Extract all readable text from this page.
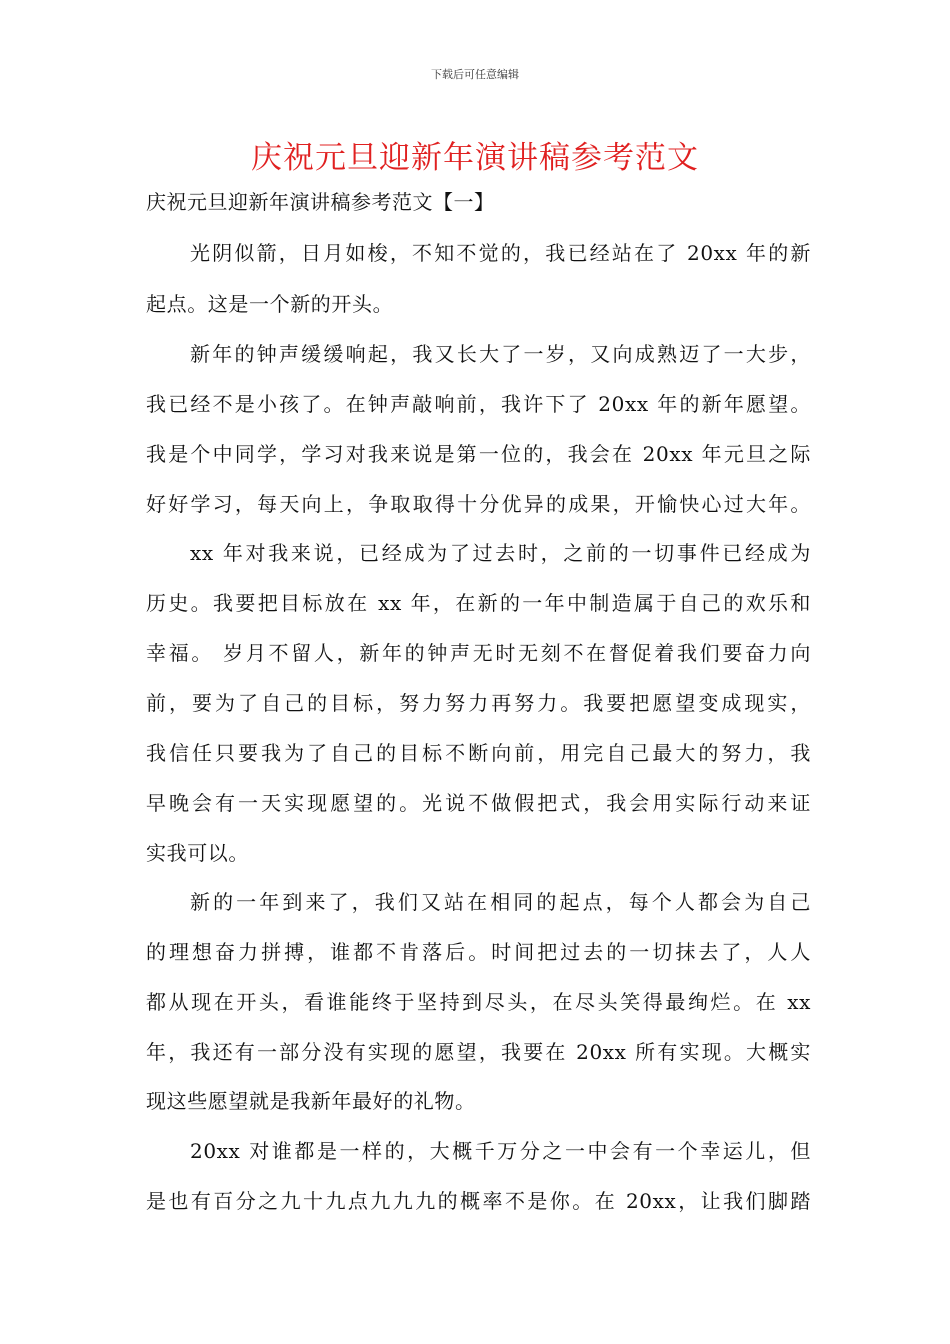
下载后可任意编辑
庆祝元旦迎新年演讲稿参考范文
庆祝元旦迎新年演讲稿参考范文【一】
光阴似箭，日月如梭，不知不觉的，我已经站在了 20xx 年的新
起点。这是一个新的开头。
新年的钟声缓缓响起，我又长大了一岁，又向成熟迈了一大步，
我已经不是小孩了。在钟声敲响前，我许下了 20xx 年的新年愿望。
我是个中同学，学习对我来说是第一位的，我会在 20xx 年元旦之际
好好学习，每天向上，争取取得十分优异的成果，开愉快心过大年。
xx 年对我来说，已经成为了过去时，之前的一切事件已经成为
历史。我要把目标放在 xx 年，在新的一年中制造属于自己的欢乐和
幸福。 岁月不留人，新年的钟声无时无刻不在督促着我们要奋力向
前，要为了自己的目标，努力努力再努力。我要把愿望变成现实，
我信任只要我为了自己的目标不断向前，用完自己最大的努力，我
早晚会有一天实现愿望的。光说不做假把式，我会用实际行动来证
实我可以。
新的一年到来了，我们又站在相同的起点，每个人都会为自己
的理想奋力拼搏，谁都不肯落后。时间把过去的一切抹去了，人人
都从现在开头，看谁能终于坚持到尽头，在尽头笑得最绚烂。在 xx
年，我还有一部分没有实现的愿望，我要在 20xx 所有实现。大概实
现这些愿望就是我新年最好的礼物。
20xx 对谁都是一样的，大概千万分之一中会有一个幸运儿，但
是也有百分之九十九点九九九的概率不是你。在 20xx，让我们脚踏
